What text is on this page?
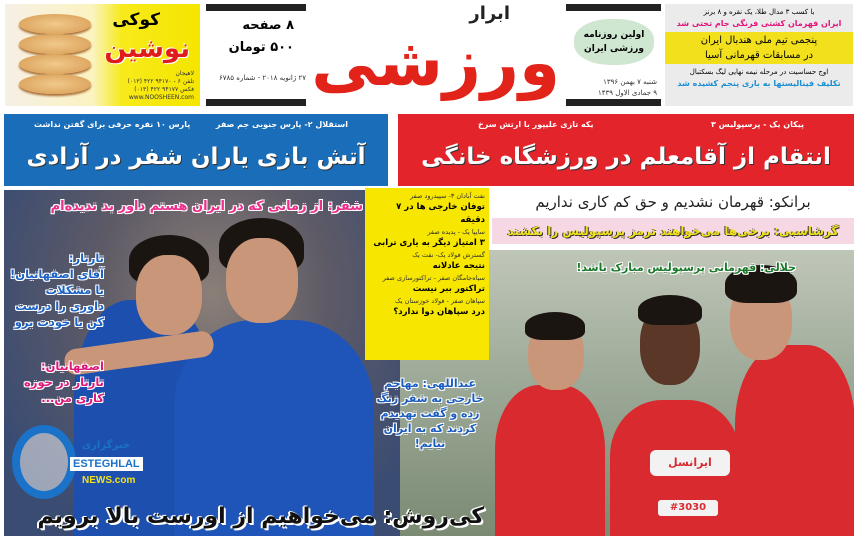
کوکی
نوشین
لاهیجان
تلفن ۶ - ۹۴۱۷۰ ۴۲۲ (۰۱۳)
فکس ۹۴۱۷۷ ۴۲۲ (۰۱۳)
www.NOOSHEEN.com
۸ صفحه
۵۰۰ تومان
۲۷ ژانویه ۲۰۱۸ - شماره ۶۷۸۵
ابرار
ورزشی	اولین روزنامه ورزشی ایران
شنبه ۷ بهمن ۱۳۹۶
۹ جمادی الاول ۱۴۳۹
با کسب ۳ مدال طلا، یک نقره و ۸ برنز
ایران قهرمان کشتی فرنگی جام تختی شد
پنجمی تیم ملی هندبال ایران
در مسابقات قهرمانی آسیا
اوج حساسیت در مرحله نیمه نهایی لیگ بسکتبال
تکلیف فینالیستها به بازی پنجم کشیده شد
استقلال ۲- پارس جنوبی جم صفر
پارس ۱۰ نفره حرفی برای گفتن نداشت
آتش بازی یاران شفر در آزادی
پیکان یک - پرسپولیس ۳
یکه تازی علیپور با ارتش سرخ
انتقام از آقامعلم در ورزشگاه خانگی
شفر: از زمانی که در ایران هستم داور بد ندیده‌ام
تارتار:
آقای اصفهانیان! یا مشکلات داوری را درست کن یا خودت برو
اصفهانیان:
تارتار در حوزه کاری من...
نفت آبادان ۳- سپیدرود صفر
توفان خارجی ها در ۷ دقیقه
سایپا یک - پدیده صفر
۳ امتیاز دیگر به یاری ترابی
گسترش فولاد یک- نفت یک
نتیجه عادلانه
سیاه‌جامگان صفر - تراکتورسازی صفر
تراکتور ببر نیست
سپاهان صفر - فولاد خوزستان یک
درد سپاهان دوا ندارد؟
ایرانسل
#3030
عبداللهی: مهاجم خارجی به شفر زنگ زده و گفت تهدیدم کردند که به ایران نیایم!
برانکو: قهرمان نشدیم و حق کم کاری نداریم
گرشاسبی: برخی‌ها می‌خواهند ترمز پرسپولیس را بکشند
جلالی: قهرمانی پرسپولیس مبارک باشد!
خبرگزاری
ESTEGHLAL
NEWS.com
کی‌روش: می‌خواهیم از اورست بالا برویم
